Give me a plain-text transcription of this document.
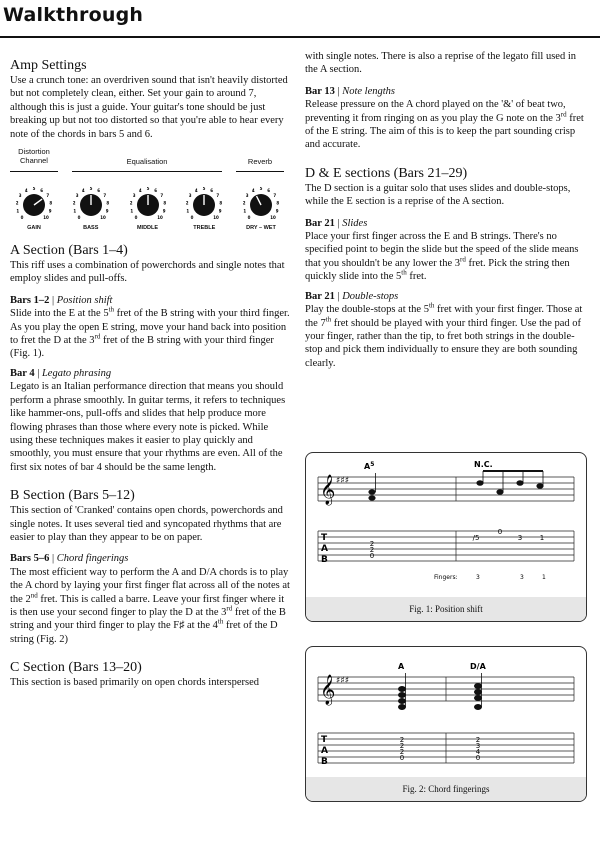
Walkthrough
Amp Settings

Use a crunch tone: an overdriven sound that isn't heavily distorted but not completely clean, either. Set your gain to around 7, although this is just a guide. Your guitar's tone should be just breaking up but not too distorted so that you're able to hear every note of the chords in bars 5 and 6.

Distortion
Channel	Equalisation	Reverb
0
1
2
3
4 5 6
7
8
9
10
GAIN
0
1
2
3
4 5 6
7
8
9
10
BASS
0
1
2
3
4 5 6
7
8
9
10
MIDDLE
0
1
2
3
4 5 6
7
8
9
10
TREBLE
0
1
2
3
4 5 6
7
8
9
10
DRY – WET
A Section (Bars 1–4)

This riff uses a combination of powerchords and single notes that employ slides and pull-offs.

Bars 1–2 | Position shift

Slide into the E at the 5th fret of the B string with your third finger. As you play the open E string, move your hand back into position to fret the D at the 3rd fret of the B string with your third finger (Fig. 1).

Bar 4 | Legato phrasing

Legato is an Italian performance direction that means you should perform a phrase smoothly. In guitar terms, it refers to techniques like hammer-ons, pull-offs and slides that help produce more flowing phrases than those where every note is picked. While using these techniques makes it easier to play quickly and smoothly, you must ensure that your rhythms are even. All of the first six notes of bar 4 should be the same length.

B Section (Bars 5–12)

This section of 'Cranked' contains open chords, powerchords and single notes. It uses several tied and syncopated rhythms that are easier to play than they appear to be on paper.

Bars 5–6 | Chord fingerings

The most efficient way to perform the A and D/A chords is to play the A chord by laying your first finger flat across all of the notes at the 2nd fret. This is called a barre. Leave your first finger where it is then use your second finger to play the D at the 3rd fret of the B string and your third finger to play the F♯ at the 4th fret of the D string (Fig. 2)

C Section (Bars 13–20)

This section is based primarily on open chords interspersed

with single notes. There is also a reprise of the legato fill used in the A section.

Bar 13 | Note lengths

Release pressure on the A chord played on the '&' of beat two, preventing it from ringing on as you play the G note on the 3rd fret of the E string. The aim of this is to keep the part sounding crisp and accurate.

D & E sections (Bars 21–29)

The D section is a guitar solo that uses slides and double-stops, while the E section is a reprise of the A section.

Bar 21 | Slides

Place your first finger across the E and B strings. There's no specified point to begin the slide but the speed of the slide means that you shouldn't be any lower the 3rd fret. Pick the string then quickly slide into the 5th fret.

Bar 21 | Double-stops

Play the double-stops at the 5th fret with your first finger. Those at the 7th fret should be played with your third finger. Use the pad of your finger, rather than the tip, to fret both strings in the double-stop and pick them individually to ensure they are both sounding clearly.

𝄞 ♯♯♯
$A^5$	N.C.
T
A
B
2
2
0
/5
0
3	1
Fingers:	3	3	1
Fig. 1: Position shift
𝄞 ♯♯♯
A	D/A
T
A
B
2
2
2
0
2
3
4
0
Fig. 2: Chord fingerings
